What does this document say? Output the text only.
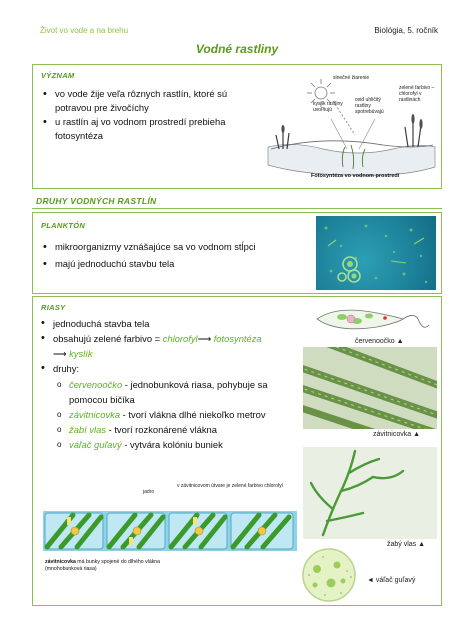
Život vo vode a na brehu	Biológia, 5. ročník
Vodné rastliny
VÝZNAM
• vo vode žije veľa rôznych rastlín, ktoré sú potravou pre živočíchy
• u rastlín aj vo vodnom prostredí prebieha fotosyntéza
slnečné žiarenie
kyslík rastliny uvoľňujú
oxid uhličitý rastliny spotrebúvajú
zelené farbivo – chlorofyl v rastlinách
Fotosyntéza vo vodnom prostredí
DRUHY VODNÝCH RASTLÍN
PLANKTÓN
• mikroorganizmy vznášajúce sa vo vodnom stĺpci
• majú jednoduchú stavbu tela
RIASY
• jednoduchá stavba tela
• obsahujú zelené farbivo = chlorofyl⟶ fotosyntéza
⟶ kyslík
• druhy:
o červenoočko - jednobunková riasa, pohybuje sa pomocou bičíka
o závitnicovka - tvorí vlákna dlhé niekoľko metrov
o žabí vlas - tvorí rozkonárené vlákna
o váľač guľavý - vytvára kolóniu buniek
červenoočko ▲
závitnicovka ▲
žabý vlas ▲
◄ váľač guľavý
jadro
v závitnicovom útvare je zelené farbivo chlorofyl
závitnicovka má bunky spojené do dlhého vlákna (mnohobunková riasa)
